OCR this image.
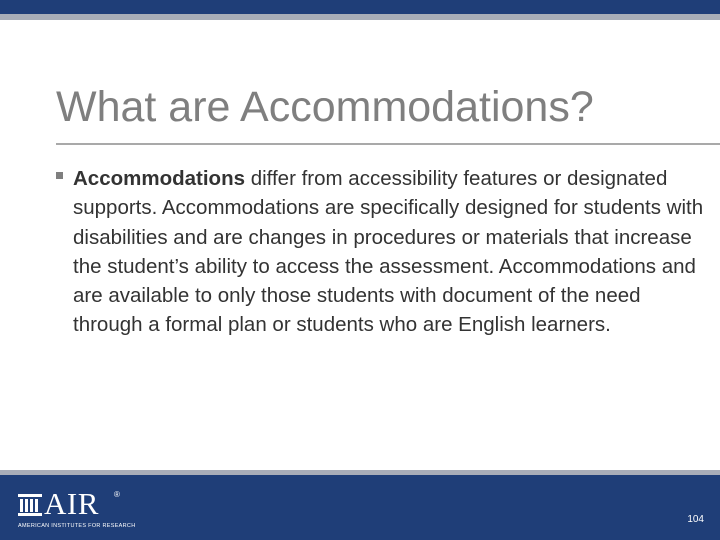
What are Accommodations?
Accommodations differ from accessibility features or designated supports. Accommodations are specifically designed for students with disabilities and are changes in procedures or materials that increase the student’s ability to access the assessment. Accommodations and are available to only those students with document of the need through a formal plan or students who are English learners.
AIR ®
AMERICAN INSTITUTES FOR RESEARCH
104
